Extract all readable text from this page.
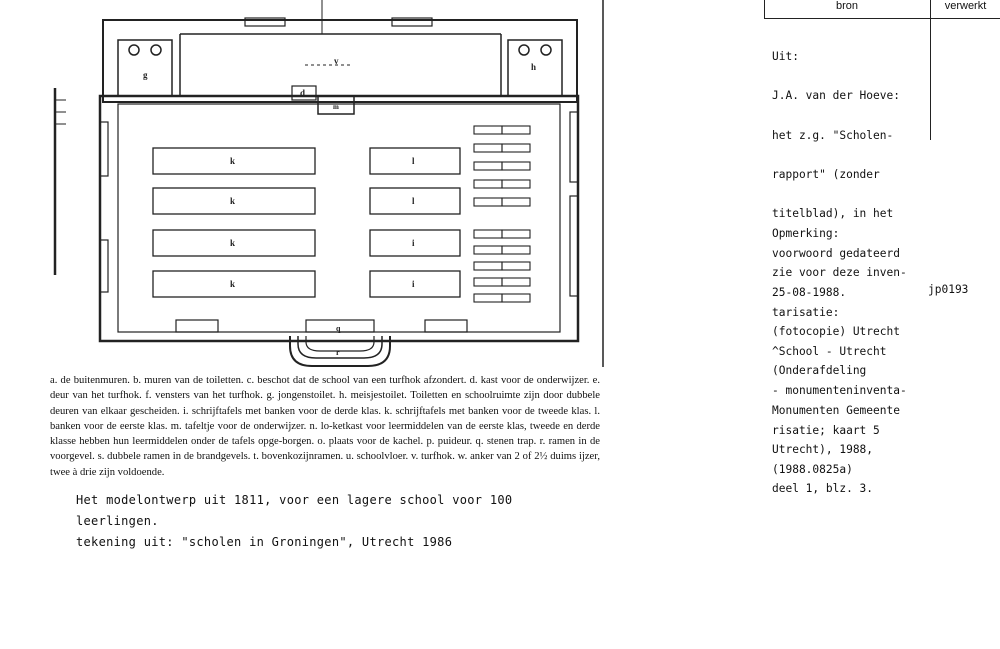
g
h
v
d
m
k
k
k
k
l
l
i
i
q
r
bron	verwerkt

Uit:

J.A. van der Hoeve:

het z.g. "Scholen-

rapport" (zonder

titelblad), in het

voorwoord gedateerd

25-08-1988.

(fotocopie) Utrecht

(Onderafdeling

Monumenten Gemeente

Utrecht), 1988,

deel 1, blz. 3.

Opmerking:

zie voor deze inven-

tarisatie:

^School - Utrecht

- monumenteninventa-

risatie; kaart 5

(1988.0825a)

jp0193
a. de buitenmuren. b. muren van de toiletten. c. beschot dat de school van een turfhok afzondert. d. kast voor de onderwijzer. e. deur van het turfhok. f. vensters van het turfhok. g. jongenstoilet. h. meisjestoilet. Toiletten en schoolruimte zijn door dubbele deuren van elkaar gescheiden. i. schrijftafels met banken voor de derde klas. k. schrijftafels met banken voor de tweede klas. l. banken voor de eerste klas. m. tafeltje voor de onderwijzer. n. lo-ketkast voor leermiddelen van de eerste klas, tweede en derde klasse hebben hun leermiddelen onder de tafels opge-borgen. o. plaats voor de kachel. p. puideur. q. stenen trap. r. ramen in de voorgevel. s. dubbele ramen in de brandgevels. t. bovenkozijnramen. u. schoolvloer. v. turfhok. w. anker van 2 of 2½ duims ijzer, twee à drie zijn voldoende.
Het modelontwerp uit 1811, voor een lagere school voor 100
leerlingen.
tekening uit: "scholen in Groningen", Utrecht 1986
